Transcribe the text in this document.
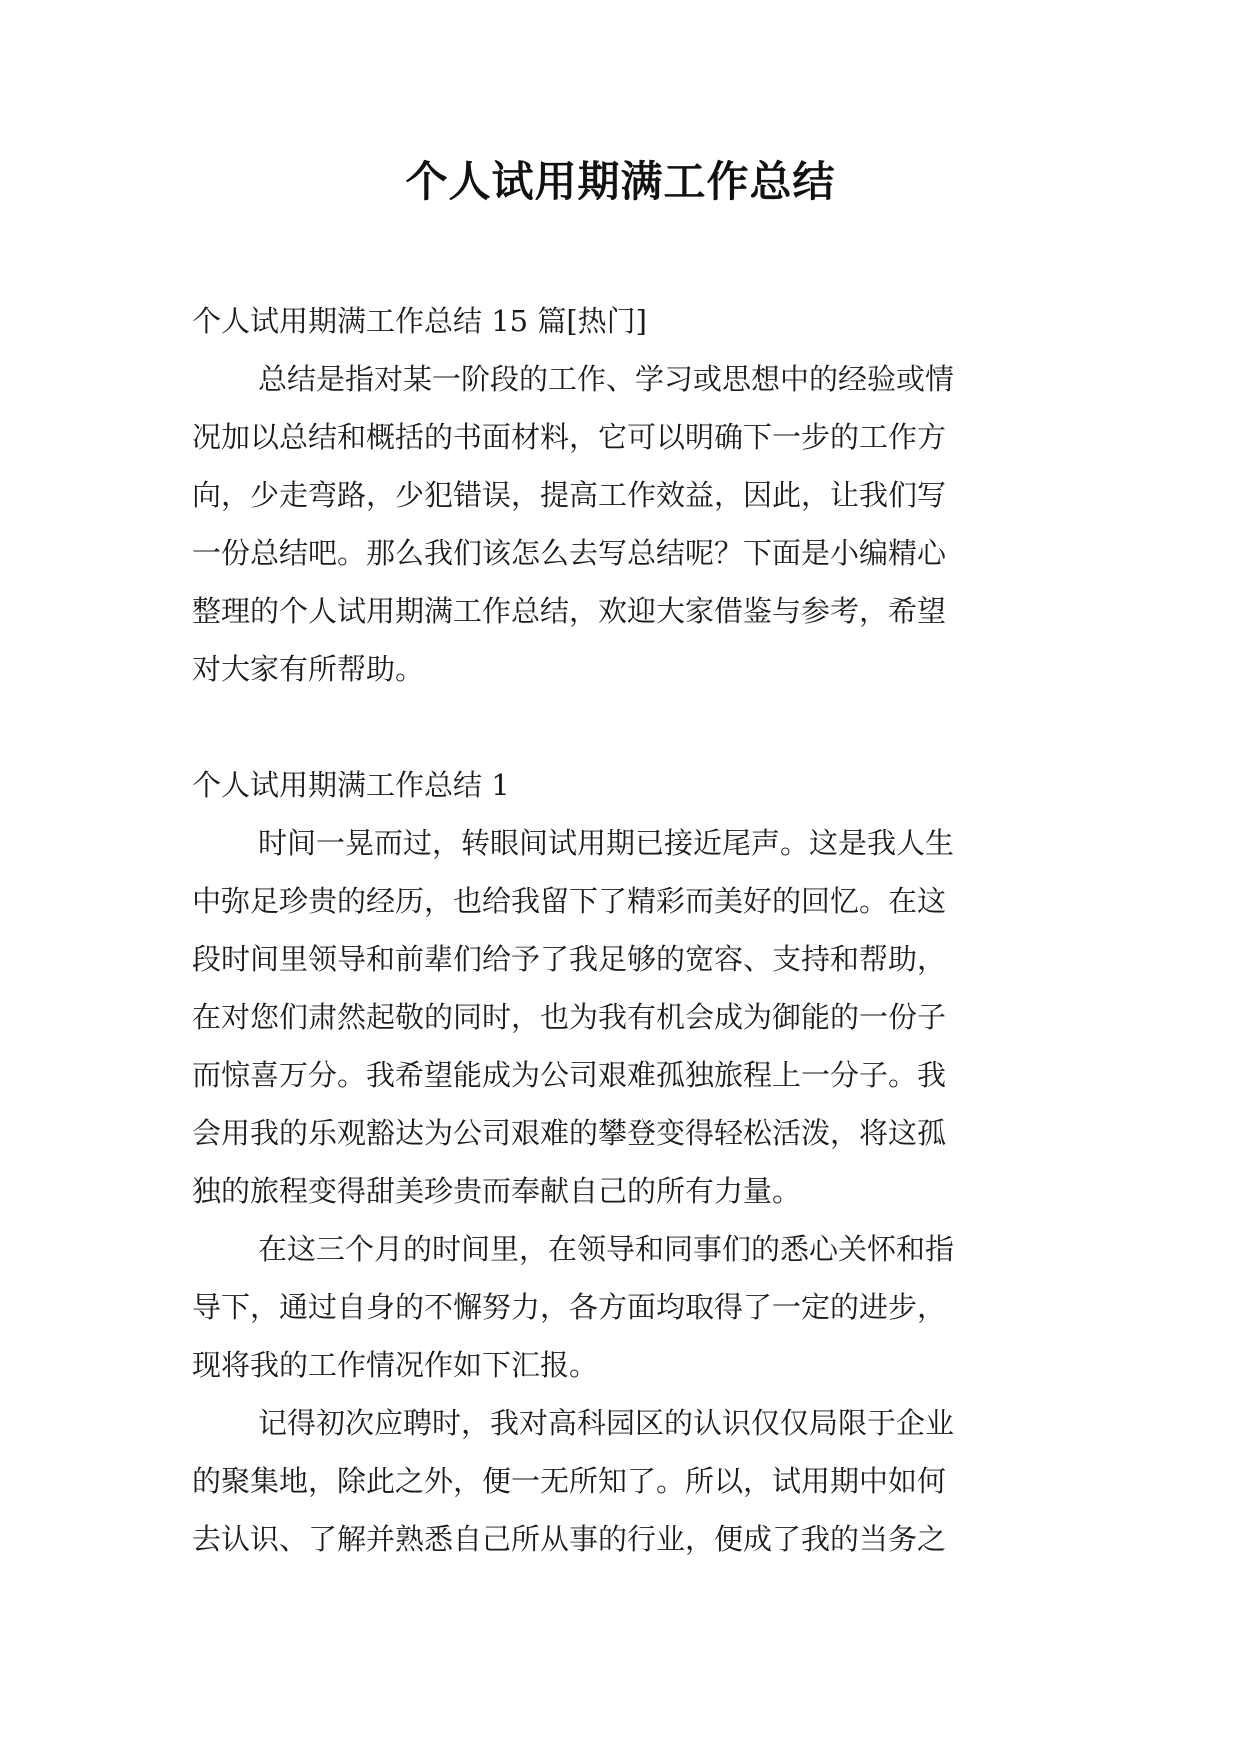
个人试用期满工作总结
个人试用期满工作总结 15 篇[热门]

总结是指对某一阶段的工作、学习或思想中的经验或情
况加以总结和概括的书面材料，它可以明确下一步的工作方
向，少走弯路，少犯错误，提高工作效益，因此，让我们写
一份总结吧。那么我们该怎么去写总结呢？下面是小编精心
整理的个人试用期满工作总结，欢迎大家借鉴与参考，希望
对大家有所帮助。

个人试用期满工作总结 1

时间一晃而过，转眼间试用期已接近尾声。这是我人生
中弥足珍贵的经历，也给我留下了精彩而美好的回忆。在这
段时间里领导和前辈们给予了我足够的宽容、支持和帮助，
在对您们肃然起敬的同时，也为我有机会成为御能的一份子
而惊喜万分。我希望能成为公司艰难孤独旅程上一分子。我
会用我的乐观豁达为公司艰难的攀登变得轻松活泼，将这孤
独的旅程变得甜美珍贵而奉献自己的所有力量。

在这三个月的时间里，在领导和同事们的悉心关怀和指
导下，通过自身的不懈努力，各方面均取得了一定的进步，
现将我的工作情况作如下汇报。

记得初次应聘时，我对高科园区的认识仅仅局限于企业
的聚集地，除此之外，便一无所知了。所以，试用期中如何
去认识、了解并熟悉自己所从事的行业，便成了我的当务之
